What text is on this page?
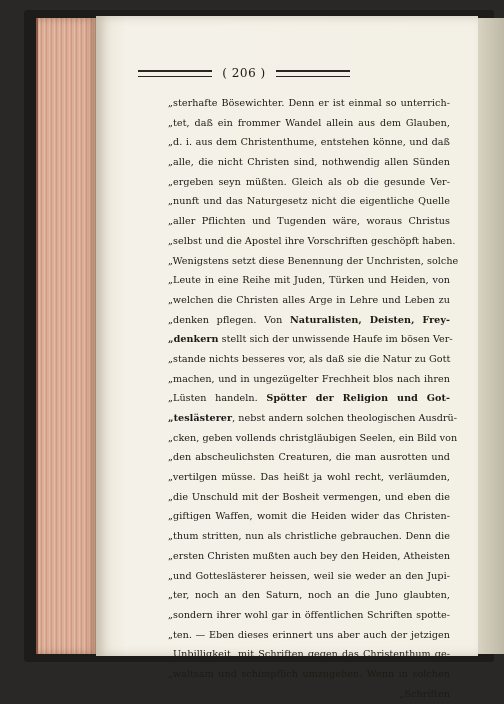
( 206 )
„sterhafte Bösewichter. Denn er ist einmal so unterrich-
„tet, daß ein frommer Wandel allein aus dem Glauben,
„d. i. aus dem Christenthume, entstehen könne, und daß
„alle, die nicht Christen sind, nothwendig allen Sünden
„ergeben seyn müßten. Gleich als ob die gesunde Ver-
„nunft und das Naturgesetz nicht die eigentliche Quelle
„aller Pflichten und Tugenden wäre, woraus Christus
„selbst und die Apostel ihre Vorschriften geschöpft haben.
„Wenigstens setzt diese Benennung der Unchristen, solche
„Leute in eine Reihe mit Juden, Türken und Heiden, von
„welchen die Christen alles Arge in Lehre und Leben zu
„denken pflegen. Von Naturalisten, Deisten, Frey-
„denkern stellt sich der unwissende Haufe im bösen Ver-
„stande nichts besseres vor, als daß sie die Natur zu Gott
„machen, und in ungezügelter Frechheit blos nach ihren
„Lüsten handeln. Spötter der Religion und Got-
„teslästerer, nebst andern solchen theologischen Ausdrü-
„cken, geben vollends christgläubigen Seelen, ein Bild von
„den abscheulichsten Creaturen, die man ausrotten und
„vertilgen müsse. Das heißt ja wohl recht, verläumden,
„die Unschuld mit der Bosheit vermengen, und eben die
„giftigen Waffen, womit die Heiden wider das Christen-
„thum stritten, nun als christliche gebrauchen. Denn die
„ersten Christen mußten auch bey den Heiden, Atheisten
„und Gotteslästerer heissen, weil sie weder an den Jupi-
„ter, noch an den Saturn, noch an die Juno glaubten,
„sondern ihrer wohl gar in öffentlichen Schriften spotte-
„ten. — Eben dieses erinnert uns aber auch der jetzigen
„Unbilligkeit, mit Schriften gegen das Christenthum ge-
„waltsam und schimpflich umzugehen. Wenn in solchen
„Schriften
